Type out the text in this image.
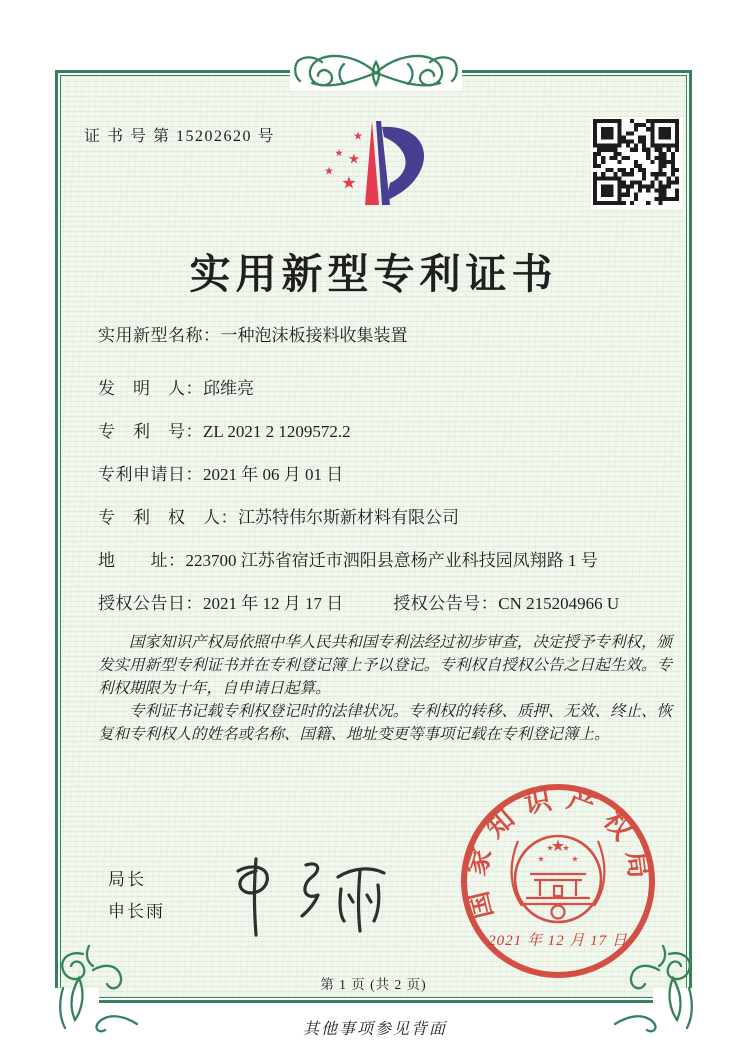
证 书 号 第 15202620 号
实用新型专利证书
实用新型名称：一种泡沫板接料收集装置
发　明　人：邱维亮
专　利　号：ZL 2021 2 1209572.2
专利申请日：2021 年 06 月 01 日
专　利　权　人：江苏特伟尔斯新材料有限公司
地　　址：223700 江苏省宿迁市泗阳县意杨产业科技园凤翔路 1 号
授权公告日：2021 年 12 月 17 日	授权公告号：CN 215204966 U

国家知识产权局依照中华人民共和国专利法经过初步审查，决定授予专利权，颁发实用新型专利证书并在专利登记簿上予以登记。专利权自授权公告之日起生效。专利权期限为十年，自申请日起算。

专利证书记载专利权登记时的法律状况。专利权的转移、质押、无效、终止、恢复和专利权人的姓名或名称、国籍、地址变更等事项记载在专利登记簿上。

局长
申长雨	国家知识产权局
2021 年 12 月 17 日
第 1 页 (共 2 页)
其他事项参见背面
